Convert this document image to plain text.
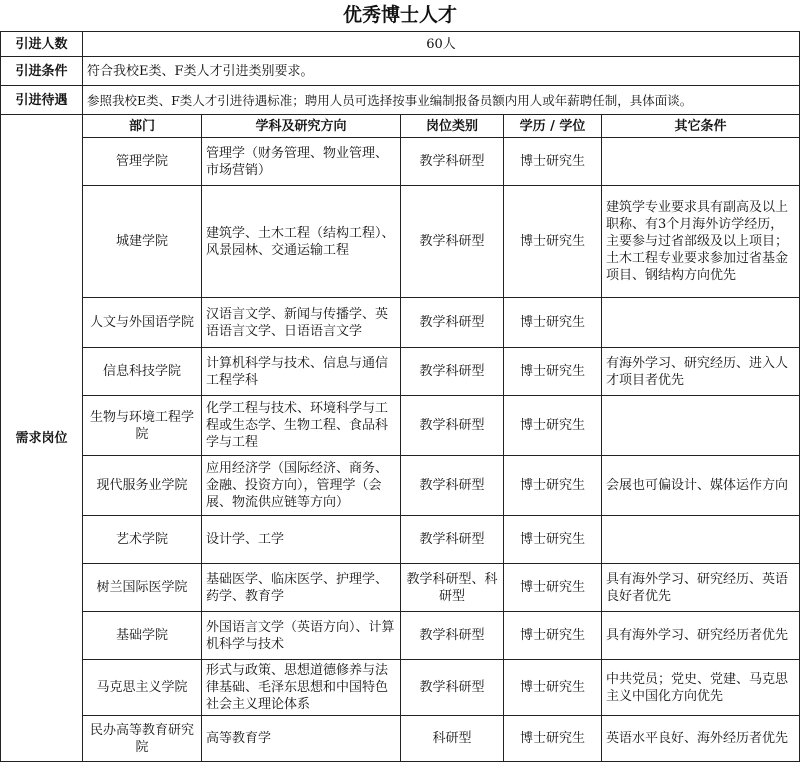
优秀博士人才
引进人数	60人				
引进条件	符合我校E类、F类人才引进类别要求。				
引进待遇	参照我校E类、F类人才引进待遇标准；聘用人员可选择按事业编制报备员额内用人或年薪聘任制，具体面谈。				
需求岗位	部门	学科及研究方向	岗位类别	学历 / 学位	其它条件
	管理学院	管理学（财务管理、物业管理、市场营销）	教学科研型	博士研究生	
	城建学院	建筑学、土木工程（结构工程）、风景园林、交通运输工程	教学科研型	博士研究生	建筑学专业要求具有副高及以上职称、有3个月海外访学经历，主要参与过省部级及以上项目；土木工程专业要求参加过省基金项目、钢结构方向优先
	人文与外国语学院	汉语言文学、新闻与传播学、英语语言文学、日语语言文学	教学科研型	博士研究生	
	信息科技学院	计算机科学与技术、信息与通信工程学科	教学科研型	博士研究生	有海外学习、研究经历、进入人才项目者优先
	生物与环境工程学院	化学工程与技术、环境科学与工程或生态学、生物工程、食品科学与工程	教学科研型	博士研究生	
	现代服务业学院	应用经济学（国际经济、商务、金融、投资方向），管理学（会展、物流供应链等方向）	教学科研型	博士研究生	会展也可偏设计、媒体运作方向
	艺术学院	设计学、工学	教学科研型	博士研究生	
	树兰国际医学院	基础医学、临床医学、护理学、药学、教育学	教学科研型、科研型	博士研究生	具有海外学习、研究经历、英语良好者优先
	基础学院	外国语言文学（英语方向）、计算机科学与技术	教学科研型	博士研究生	具有海外学习、研究经历者优先
	马克思主义学院	形式与政策、思想道德修养与法律基础、毛泽东思想和中国特色社会主义理论体系	教学科研型	博士研究生	中共党员；党史、党建、马克思主义中国化方向优先
	民办高等教育研究院	高等教育学	科研型	博士研究生	英语水平良好、海外经历者优先
